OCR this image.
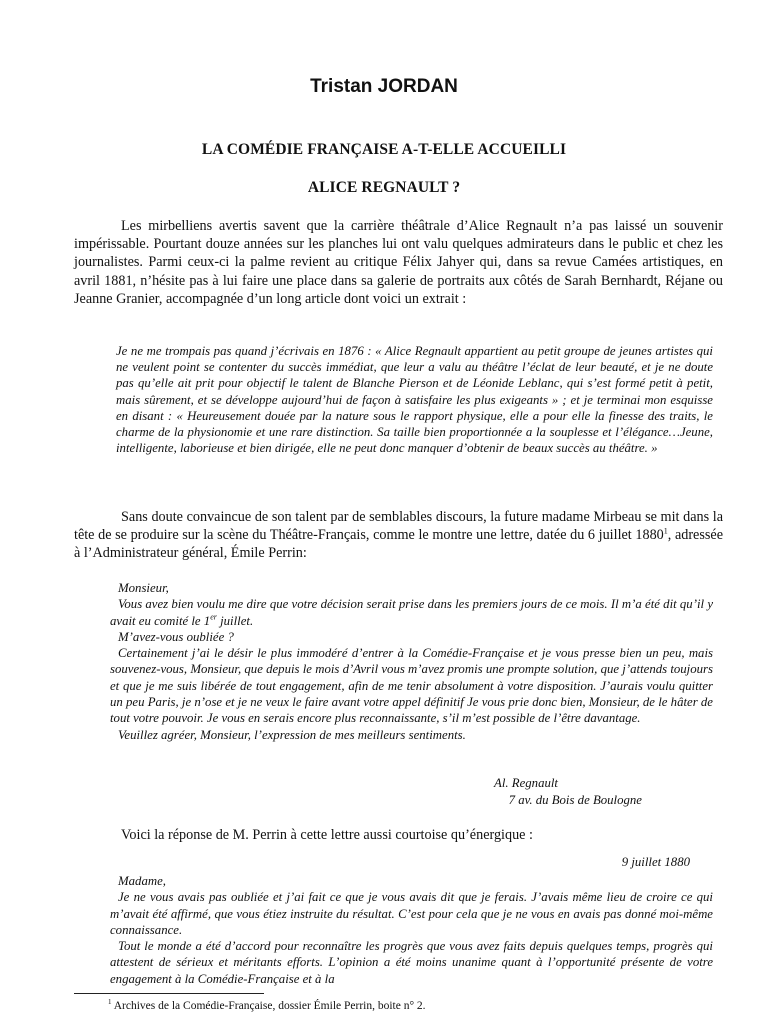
Tristan JORDAN
LA COMÉDIE FRANÇAISE A-T-ELLE ACCUEILLI
ALICE REGNAULT ?

Les mirbelliens avertis savent que la carrière théâtrale d’Alice Regnault n’a pas laissé un souvenir impérissable. Pourtant douze années sur les planches lui ont valu quelques admirateurs dans le public et chez les journalistes. Parmi ceux-ci la palme revient au critique Félix Jahyer qui, dans sa revue Camées artistiques, en avril 1881, n’hésite pas à lui faire une place dans sa galerie de portraits aux côtés de Sarah Bernhardt, Réjane ou Jeanne Granier, accompagnée d’un long article dont voici un extrait :

Je ne me trompais pas quand j’écrivais en 1876 : « Alice Regnault appartient au petit groupe de jeunes artistes qui ne veulent point se contenter du succès immédiat, que leur a valu au théâtre l’éclat de leur beauté, et je ne doute pas qu’elle ait prit pour objectif le talent de Blanche Pierson et de Léonide Leblanc, qui s’est formé petit à petit, mais sûrement, et se développe aujourd’hui de façon à satisfaire les plus exigeants » ; et je terminai mon esquisse en disant : « Heureusement douée par la nature sous le rapport physique, elle a pour elle la finesse des traits, le charme de la physionomie et une rare distinction. Sa taille bien proportionnée a la souplesse et l’élégance…Jeune, intelligente, laborieuse et bien dirigée, elle ne peut donc manquer d’obtenir de beaux succès au théâtre. »

Sans doute convaincue de son talent par de semblables discours, la future madame Mirbeau se mit dans la tête de se produire sur la scène du Théâtre-Français, comme le montre une lettre, datée du 6 juillet 1880$^1$, adressée à l’Administrateur général, Émile Perrin:

Monsieur,

Vous avez bien voulu me dire que votre décision serait prise dans les premiers jours de ce mois. Il m’a été dit qu’il y avait eu comité le 1er juillet.

M’avez-vous oubliée ?

Certainement j’ai le désir le plus immodéré d’entrer à la Comédie-Française et je vous presse bien un peu, mais souvenez-vous, Monsieur, que depuis le mois d’Avril vous m’avez promis une prompte solution, que j’attends toujours et que je me suis libérée de tout engagement, afin de me tenir absolument à votre disposition. J’aurais voulu quitter un peu Paris, je n’ose et je ne veux le faire avant votre appel définitif Je vous prie donc bien, Monsieur, de le hâter de tout votre pouvoir. Je vous en serais encore plus reconnaissante, s’il m’est possible de l’être davantage.

Veuillez agréer, Monsieur, l’expression de mes meilleurs sentiments.

Al. Regnault
7 av. du Bois de Boulogne

Voici la réponse de M. Perrin à cette lettre aussi courtoise qu’énergique :

9 juillet 1880

Madame,

Je ne vous avais pas oubliée et j’ai fait ce que je vous avais dit que je ferais. J’avais même lieu de croire ce qui m’avait été affirmé, que vous étiez instruite du résultat. C’est pour cela que je ne vous en avais pas donné moi-même connaissance.

Tout le monde a été d’accord pour reconnaître les progrès que vous avez faits depuis quelques temps, progrès qui attestent de sérieux et méritants efforts. L’opinion a été moins unanime quant à l’opportunité présente de votre engagement à la Comédie-Française et à la

$^1$ Archives de la Comédie-Française, dossier Émile Perrin, boite n° 2.
